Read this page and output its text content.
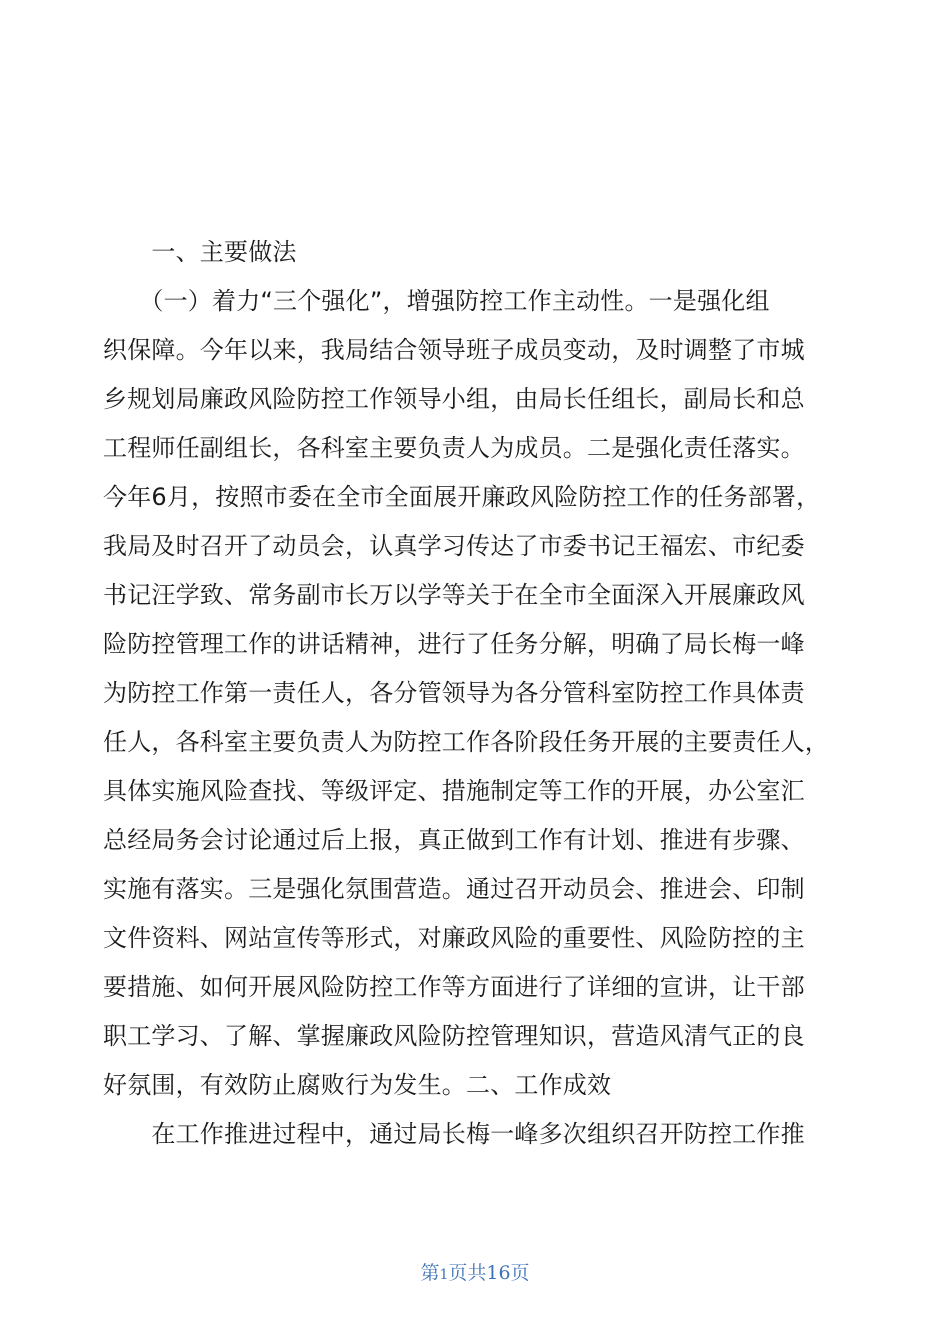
　　一、主要做法
　　（一）着力“三个强化”，增强防控工作主动性。一是强化组
织保障。今年以来，我局结合领导班子成员变动，及时调整了市城
乡规划局廉政风险防控工作领导小组，由局长任组长，副局长和总
工程师任副组长，各科室主要负责人为成员。二是强化责任落实。
今年6月，按照市委在全市全面展开廉政风险防控工作的任务部署，
我局及时召开了动员会，认真学习传达了市委书记王福宏、市纪委
书记汪学致、常务副市长万以学等关于在全市全面深入开展廉政风
险防控管理工作的讲话精神，进行了任务分解，明确了局长梅一峰
为防控工作第一责任人，各分管领导为各分管科室防控工作具体责
任人，各科室主要负责人为防控工作各阶段任务开展的主要责任人，
具体实施风险查找、等级评定、措施制定等工作的开展，办公室汇
总经局务会讨论通过后上报，真正做到工作有计划、推进有步骤、
实施有落实。三是强化氛围营造。通过召开动员会、推进会、印制
文件资料、网站宣传等形式，对廉政风险的重要性、风险防控的主
要措施、如何开展风险防控工作等方面进行了详细的宣讲，让干部
职工学习、了解、掌握廉政风险防控管理知识，营造风清气正的良
好氛围，有效防止腐败行为发生。二、工作成效
　　在工作推进过程中，通过局长梅一峰多次组织召开防控工作推
第1页共16页
